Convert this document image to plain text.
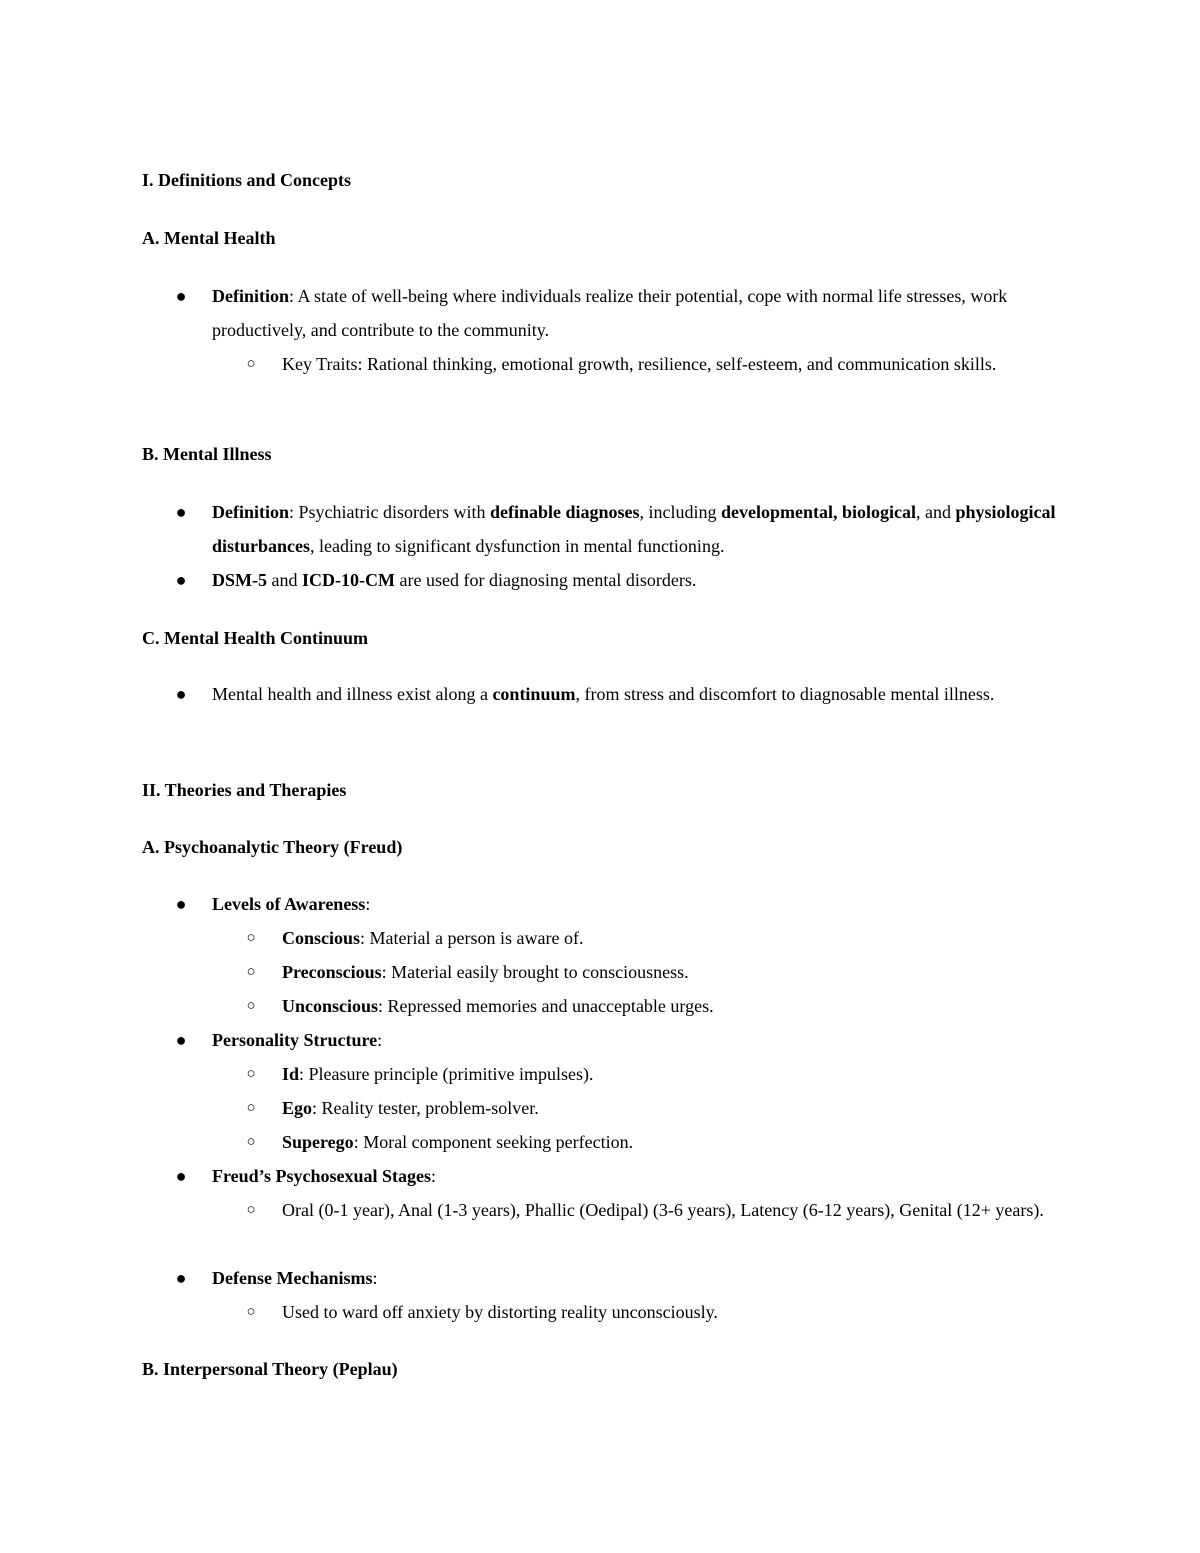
I. Definitions and Concepts
A. Mental Health
● Definition: A state of well-being where individuals realize their potential, cope with normal life stresses, work productively, and contribute to the community.
○ Key Traits: Rational thinking, emotional growth, resilience, self-esteem, and communication skills.
B. Mental Illness
● Definition: Psychiatric disorders with definable diagnoses, including developmental, biological, and physiological disturbances, leading to significant dysfunction in mental functioning.
● DSM-5 and ICD-10-CM are used for diagnosing mental disorders.
C. Mental Health Continuum
● Mental health and illness exist along a continuum, from stress and discomfort to diagnosable mental illness.
II. Theories and Therapies
A. Psychoanalytic Theory (Freud)
● Levels of Awareness:
○ Conscious: Material a person is aware of.
○ Preconscious: Material easily brought to consciousness.
○ Unconscious: Repressed memories and unacceptable urges.
● Personality Structure:
○ Id: Pleasure principle (primitive impulses).
○ Ego: Reality tester, problem-solver.
○ Superego: Moral component seeking perfection.
● Freud’s Psychosexual Stages:
○ Oral (0-1 year), Anal (1-3 years), Phallic (Oedipal) (3-6 years), Latency (6-12 years), Genital (12+ years).
● Defense Mechanisms:
○ Used to ward off anxiety by distorting reality unconsciously.
B. Interpersonal Theory (Peplau)
